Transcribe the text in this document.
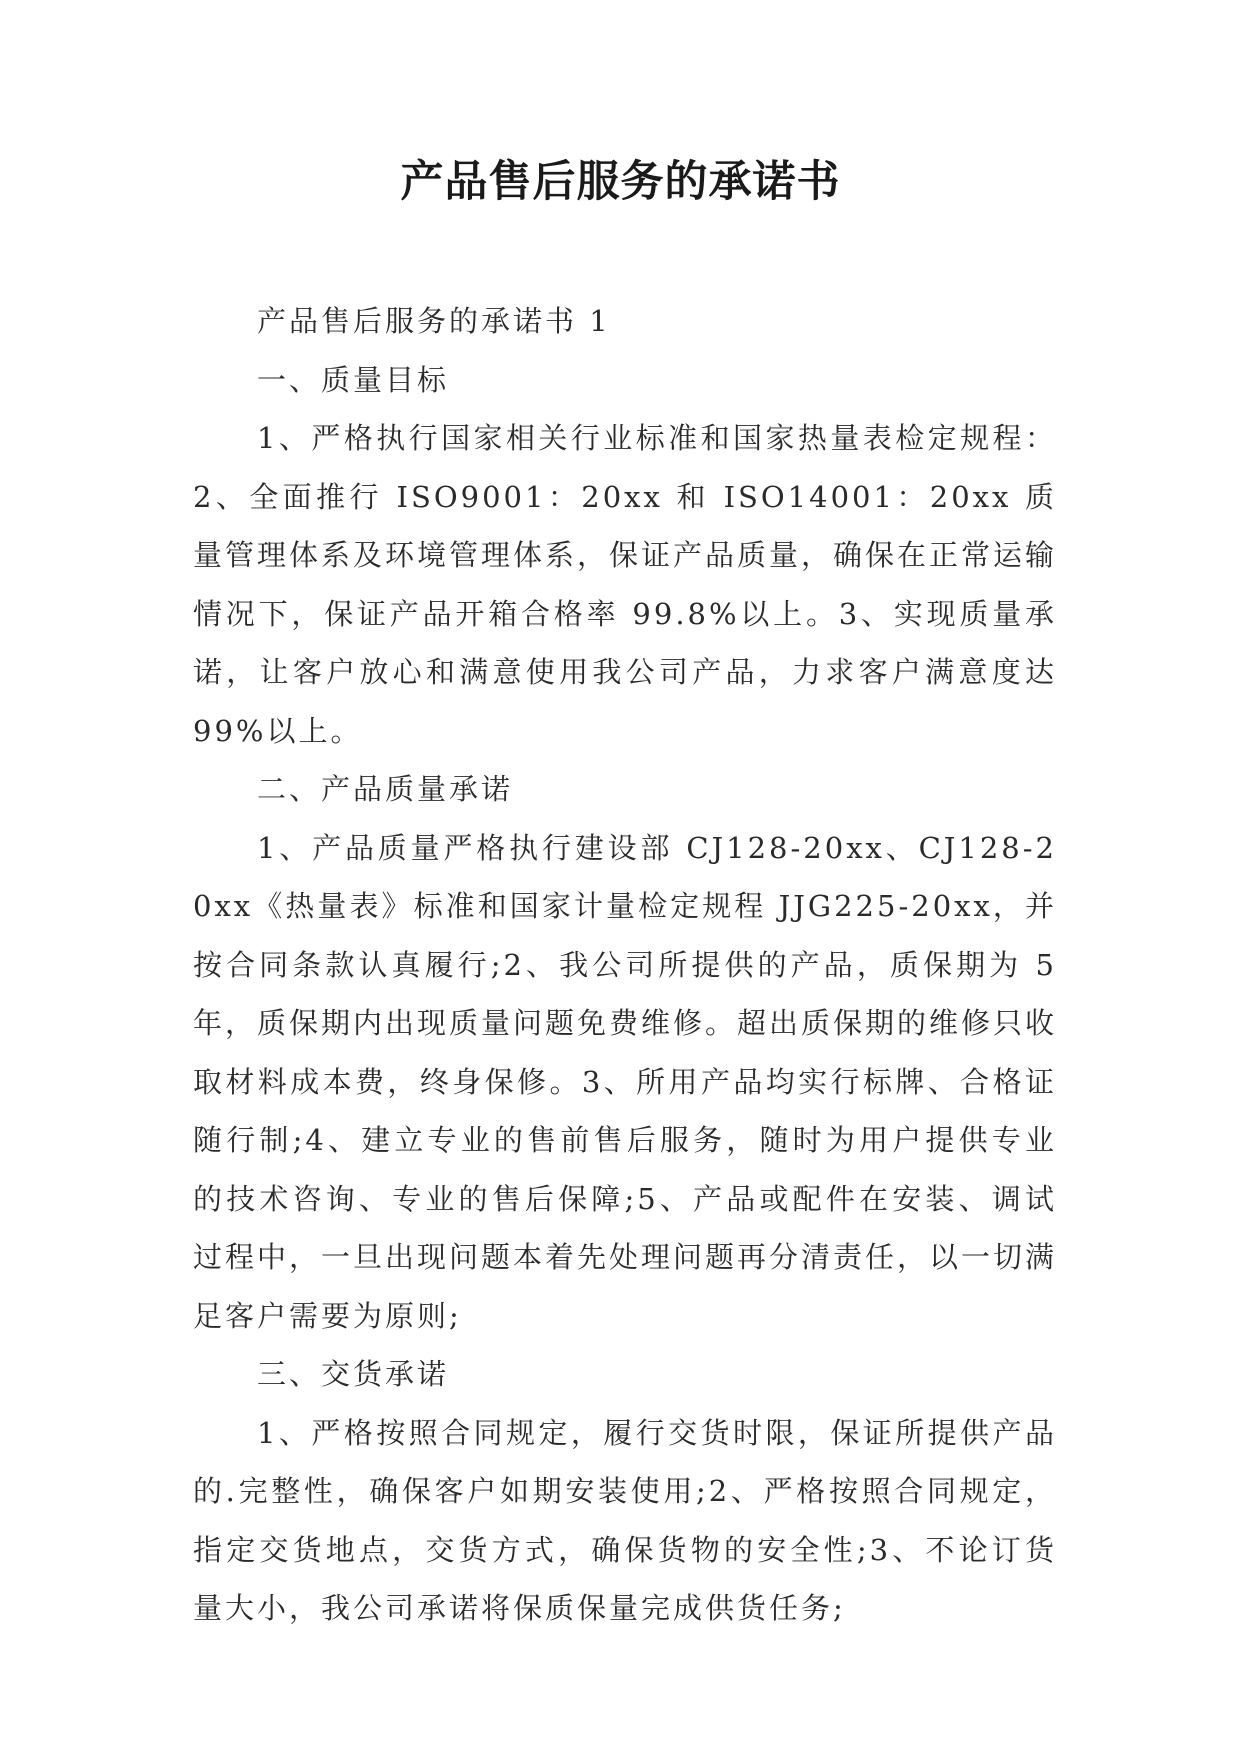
产品售后服务的承诺书

产品售后服务的承诺书 1

一、质量目标

1、严格执行国家相关行业标准和国家热量表检定规程：2、全面推行 ISO9001：20xx 和 ISO14001：20xx 质量管理体系及环境管理体系，保证产品质量，确保在正常运输情况下，保证产品开箱合格率 99.8%以上。3、实现质量承诺，让客户放心和满意使用我公司产品，力求客户满意度达 99%以上。

二、产品质量承诺

1、产品质量严格执行建设部 CJ128-20xx、CJ128-20xx《热量表》标准和国家计量检定规程 JJG225-20xx，并按合同条款认真履行;2、我公司所提供的产品，质保期为 5 年，质保期内出现质量问题免费维修。超出质保期的维修只收取材料成本费，终身保修。3、所用产品均实行标牌、合格证随行制;4、建立专业的售前售后服务，随时为用户提供专业的技术咨询、专业的售后保障;5、产品或配件在安装、调试过程中，一旦出现问题本着先处理问题再分清责任，以一切满足客户需要为原则;

三、交货承诺

1、严格按照合同规定，履行交货时限，保证所提供产品的.完整性，确保客户如期安装使用;2、严格按照合同规定，指定交货地点，交货方式，确保货物的安全性;3、不论订货量大小，我公司承诺将保质保量完成供货任务;
